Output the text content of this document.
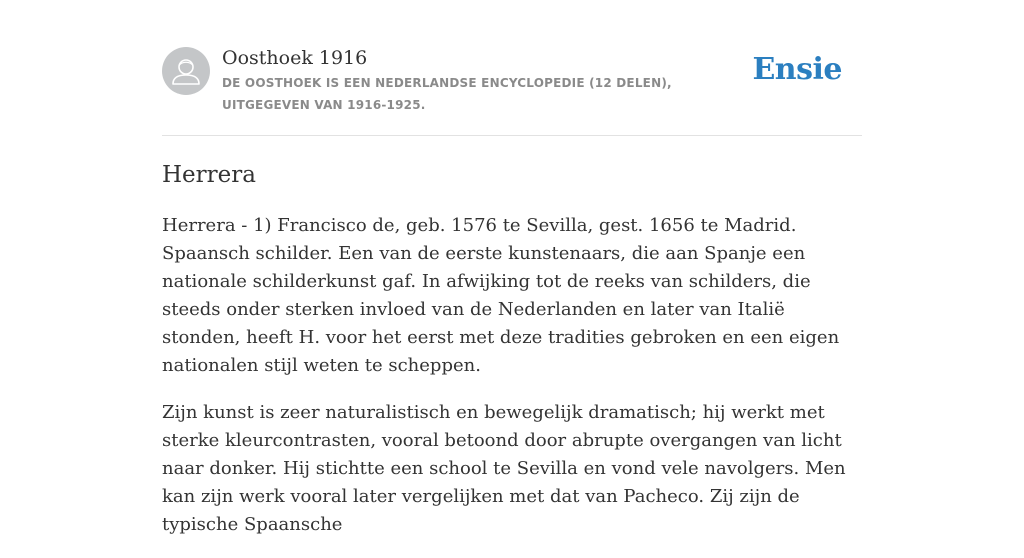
Oosthoek 1916
DE OOSTHOEK IS EEN NEDERLANDSE ENCYCLOPEDIE (12 DELEN), UITGEGEVEN VAN 1916-1925.
Ensie
Herrera

Herrera - 1) Francisco de, geb. 1576 te Sevilla, gest. 1656 te Madrid. Spaansch schilder. Een van de eerste kunstenaars, die aan Spanje een nationale schilderkunst gaf. In afwijking tot de reeks van schilders, die steeds onder sterken invloed van de Nederlanden en later van Italië stonden, heeft H. voor het eerst met deze tradities gebroken en een eigen nationalen stijl weten te scheppen.

Zijn kunst is zeer naturalistisch en bewegelijk dramatisch; hij werkt met sterke kleurcontrasten, vooral betoond door abrupte overgangen van licht naar donker. Hij stichtte een school te Sevilla en vond vele navolgers. Men kan zijn werk vooral later vergelijken met dat van Pacheco. Zij zijn de typische Spaansche
